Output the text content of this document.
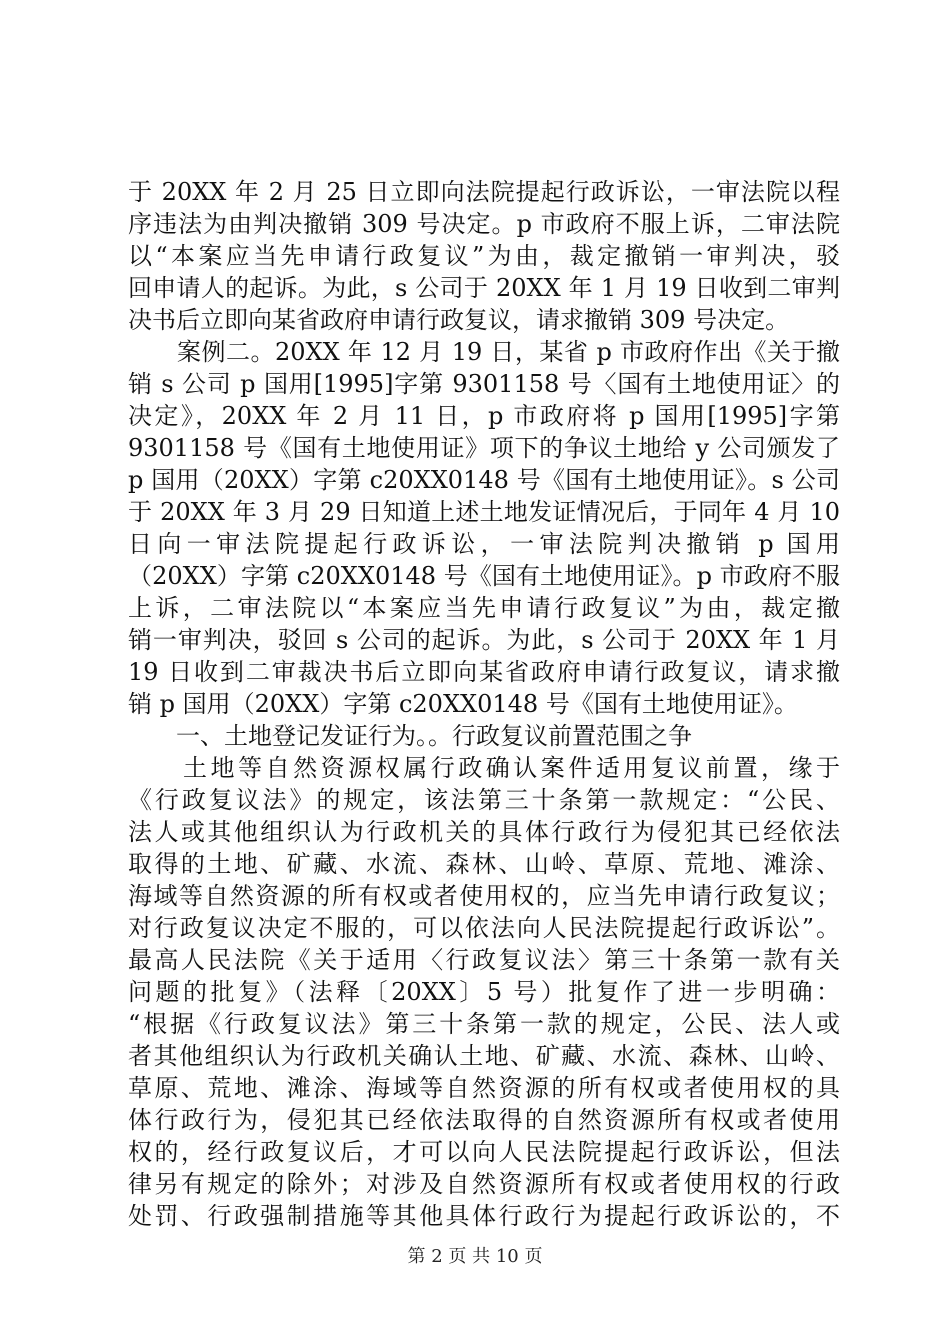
于 20XX 年 2 月 25 日立即向法院提起行政诉讼，一审法院以程
序违法为由判决撤销 309 号决定。p 市政府不服上诉，二审法院
以“本案应当先申请行政复议”为由，裁定撤销一审判决，驳
回申请人的起诉。为此，s 公司于 20XX 年 1 月 19 日收到二审判
决书后立即向某省政府申请行政复议，请求撤销 309 号决定。
　　案例二。20XX 年 12 月 19 日，某省 p 市政府作出《关于撤
销 s 公司 p 国用[1995]字第 9301158 号〈国有土地使用证〉的
决定》，20XX 年 2 月 11 日，p 市政府将 p 国用[1995]字第
9301158 号《国有土地使用证》项下的争议土地给 y 公司颁发了
p 国用（20XX）字第 c20XX0148 号《国有土地使用证》。s 公司
于 20XX 年 3 月 29 日知道上述土地发证情况后，于同年 4 月 10
日向一审法院提起行政诉讼，一审法院判决撤销 p 国用
（20XX）字第 c20XX0148 号《国有土地使用证》。p 市政府不服
上诉，二审法院以“本案应当先申请行政复议”为由，裁定撤
销一审判决，驳回 s 公司的起诉。为此，s 公司于 20XX 年 1 月
19 日收到二审裁决书后立即向某省政府申请行政复议，请求撤
销 p 国用（20XX）字第 c20XX0148 号《国有土地使用证》。
　　一、土地登记发证行为。。行政复议前置范围之争
　　土地等自然资源权属行政确认案件适用复议前置，缘于
《行政复议法》的规定，该法第三十条第一款规定：“公民、
法人或其他组织认为行政机关的具体行政行为侵犯其已经依法
取得的土地、矿藏、水流、森林、山岭、草原、荒地、滩涂、
海域等自然资源的所有权或者使用权的，应当先申请行政复议；
对行政复议决定不服的，可以依法向人民法院提起行政诉讼”。
最高人民法院《关于适用〈行政复议法〉第三十条第一款有关
问题的批复》（法释〔20XX〕5 号）批复作了进一步明确：
“根据《行政复议法》第三十条第一款的规定，公民、法人或
者其他组织认为行政机关确认土地、矿藏、水流、森林、山岭、
草原、荒地、滩涂、海域等自然资源的所有权或者使用权的具
体行政行为，侵犯其已经依法取得的自然资源所有权或者使用
权的，经行政复议后，才可以向人民法院提起行政诉讼，但法
律另有规定的除外；对涉及自然资源所有权或者使用权的行政
处罚、行政强制措施等其他具体行政行为提起行政诉讼的，不
第 2 页 共 10 页
